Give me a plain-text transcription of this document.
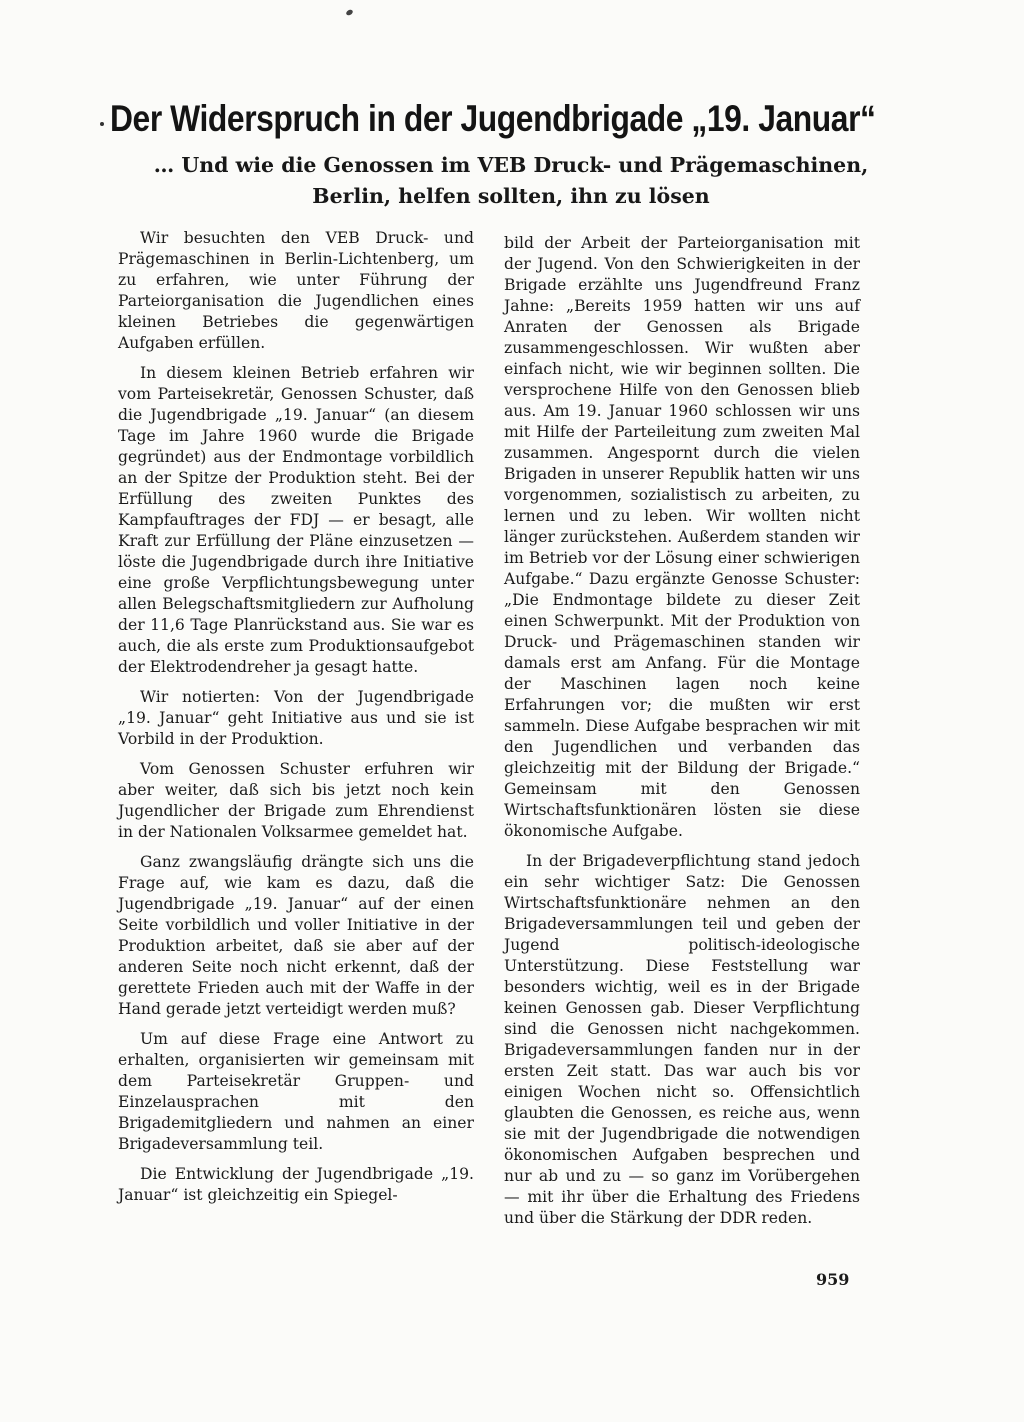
Der Widerspruch in der Jugendbrigade „19. Januar“
… Und wie die Genossen im VEB Druck- und Prägemaschinen, Berlin, helfen sollten, ihn zu lösen

Wir besuchten den VEB Druck- und Prägemaschinen in Berlin-Lichtenberg, um zu erfahren, wie unter Führung der Parteiorganisation die Jugendlichen eines kleinen Betriebes die gegenwärtigen Aufgaben erfüllen.

In diesem kleinen Betrieb erfahren wir vom Parteisekretär, Genossen Schuster, daß die Jugendbrigade „19. Januar“ (an diesem Tage im Jahre 1960 wurde die Brigade gegründet) aus der Endmontage vorbildlich an der Spitze der Produktion steht. Bei der Erfüllung des zweiten Punktes des Kampfauftrages der FDJ — er besagt, alle Kraft zur Erfüllung der Pläne einzusetzen — löste die Jugendbrigade durch ihre Initiative eine große Verpflichtungsbewegung unter allen Belegschaftsmitgliedern zur Aufholung der 11,6 Tage Planrückstand aus. Sie war es auch, die als erste zum Produktionsaufgebot der Elektrodendreher ja gesagt hatte.

Wir notierten: Von der Jugendbrigade „19. Januar“ geht Initiative aus und sie ist Vorbild in der Produktion.

Vom Genossen Schuster erfuhren wir aber weiter, daß sich bis jetzt noch kein Jugendlicher der Brigade zum Ehrendienst in der Nationalen Volksarmee gemeldet hat.

Ganz zwangsläufig drängte sich uns die Frage auf, wie kam es dazu, daß die Jugendbrigade „19. Januar“ auf der einen Seite vorbildlich und voller Initiative in der Produktion arbeitet, daß sie aber auf der anderen Seite noch nicht erkennt, daß der gerettete Frieden auch mit der Waffe in der Hand gerade jetzt verteidigt werden muß?

Um auf diese Frage eine Antwort zu erhalten, organisierten wir gemeinsam mit dem Parteisekretär Gruppen- und Einzelausprachen mit den Brigademitgliedern und nahmen an einer Brigadeversammlung teil.

Die Entwicklung der Jugendbrigade „19. Januar“ ist gleichzeitig ein Spiegel-

bild der Arbeit der Parteiorganisation mit der Jugend. Von den Schwierigkeiten in der Brigade erzählte uns Jugendfreund Franz Jahne: „Bereits 1959 hatten wir uns auf Anraten der Genossen als Brigade zusammengeschlossen. Wir wußten aber einfach nicht, wie wir beginnen sollten. Die versprochene Hilfe von den Genossen blieb aus. Am 19. Januar 1960 schlossen wir uns mit Hilfe der Parteileitung zum zweiten Mal zusammen. Angespornt durch die vielen Brigaden in unserer Republik hatten wir uns vorgenommen, sozialistisch zu arbeiten, zu lernen und zu leben. Wir wollten nicht länger zurückstehen. Außerdem standen wir im Betrieb vor der Lösung einer schwierigen Aufgabe.“ Dazu ergänzte Genosse Schuster: „Die Endmontage bildete zu dieser Zeit einen Schwerpunkt. Mit der Produktion von Druck- und Prägemaschinen standen wir damals erst am Anfang. Für die Montage der Maschinen lagen noch keine Erfahrungen vor; die mußten wir erst sammeln. Diese Aufgabe besprachen wir mit den Jugendlichen und verbanden das gleichzeitig mit der Bildung der Brigade.“ Gemeinsam mit den Genossen Wirtschaftsfunktionären lösten sie diese ökonomische Aufgabe.

In der Brigadeverpflichtung stand jedoch ein sehr wichtiger Satz: Die Genossen Wirtschaftsfunktionäre nehmen an den Brigadeversammlungen teil und geben der Jugend politisch-ideologische Unterstützung. Diese Feststellung war besonders wichtig, weil es in der Brigade keinen Genossen gab. Dieser Verpflichtung sind die Genossen nicht nachgekommen. Brigadeversammlungen fanden nur in der ersten Zeit statt. Das war auch bis vor einigen Wochen nicht so. Offensichtlich glaubten die Genossen, es reiche aus, wenn sie mit der Jugendbrigade die notwendigen ökonomischen Aufgaben besprechen und nur ab und zu — so ganz im Vorübergehen — mit ihr über die Erhaltung des Friedens und über die Stärkung der DDR reden.

959
